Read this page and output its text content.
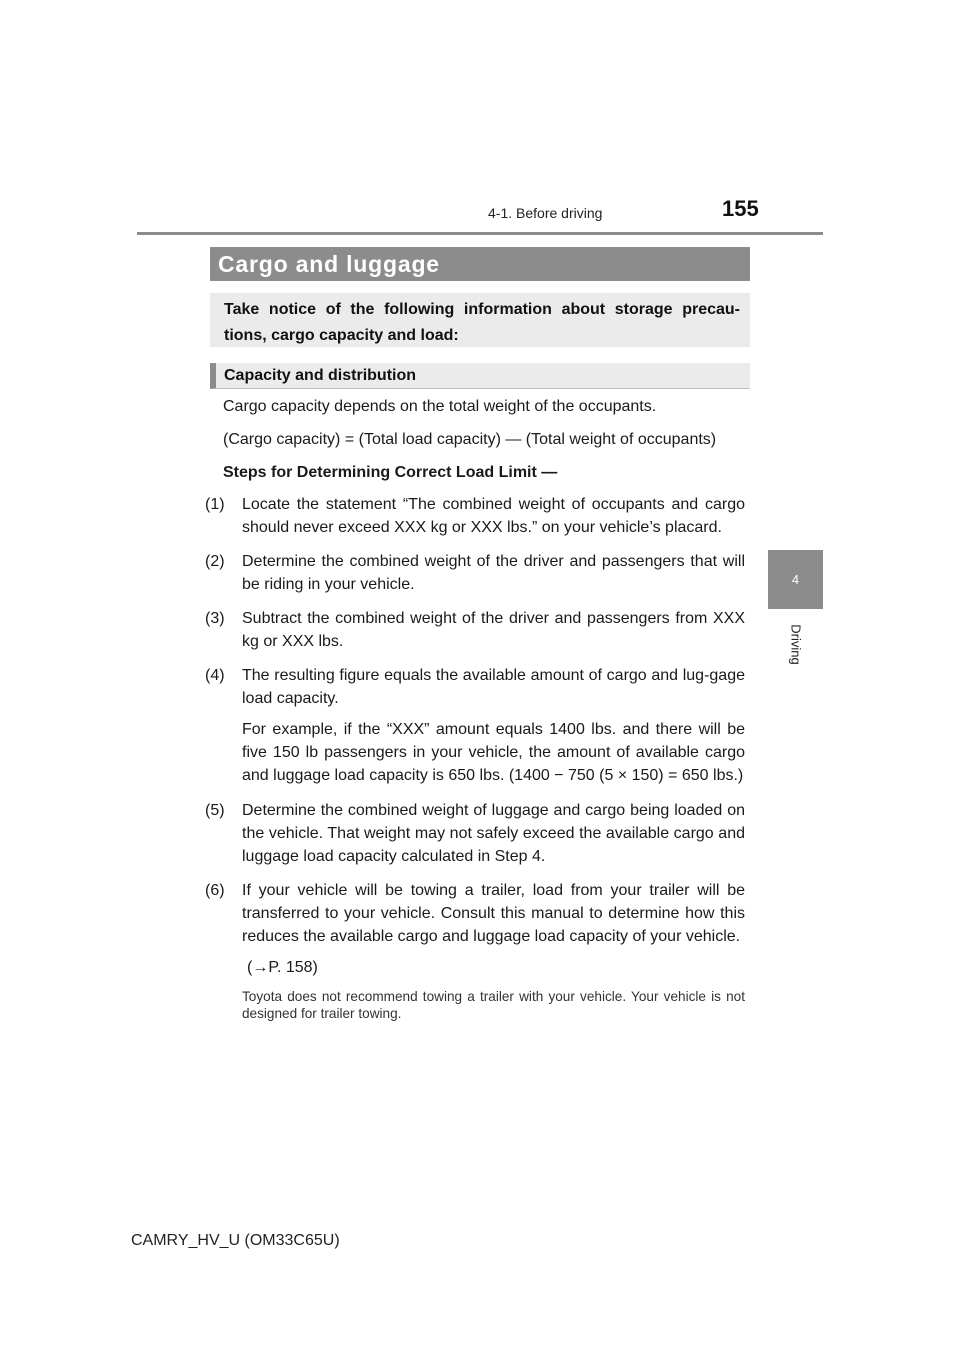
4-1. Before driving	155
4
Driving
Cargo and luggage
Take notice of the following information about storage precau-tions, cargo capacity and load:
Capacity and distribution
Cargo capacity depends on the total weight of the occupants.
(Cargo capacity) = (Total load capacity) — (Total weight of occupants)
Steps for Determining Correct Load Limit —
(1)	Locate the statement “The combined weight of occupants and cargo should never exceed XXX kg or XXX lbs.” on your vehicle’s placard.
(2)	Determine the combined weight of the driver and passengers that will be riding in your vehicle.
(3)	Subtract the combined weight of the driver and passengers from XXX kg or XXX lbs.
(4)	The resulting figure equals the available amount of cargo and lug-gage load capacity.
For example, if the “XXX” amount equals 1400 lbs. and there will be five 150 lb passengers in your vehicle, the amount of available cargo and luggage load capacity is 650 lbs. (1400 − 750 (5 × 150) = 650 lbs.)
(5)	Determine the combined weight of luggage and cargo being loaded on the vehicle. That weight may not safely exceed the available cargo and luggage load capacity calculated in Step 4.
(6)	If your vehicle will be towing a trailer, load from your trailer will be transferred to your vehicle. Consult this manual to determine how this reduces the available cargo and luggage load capacity of your vehicle.
(→P. 158)
Toyota does not recommend towing a trailer with your vehicle. Your vehicle is not designed for trailer towing.
CAMRY_HV_U (OM33C65U)
